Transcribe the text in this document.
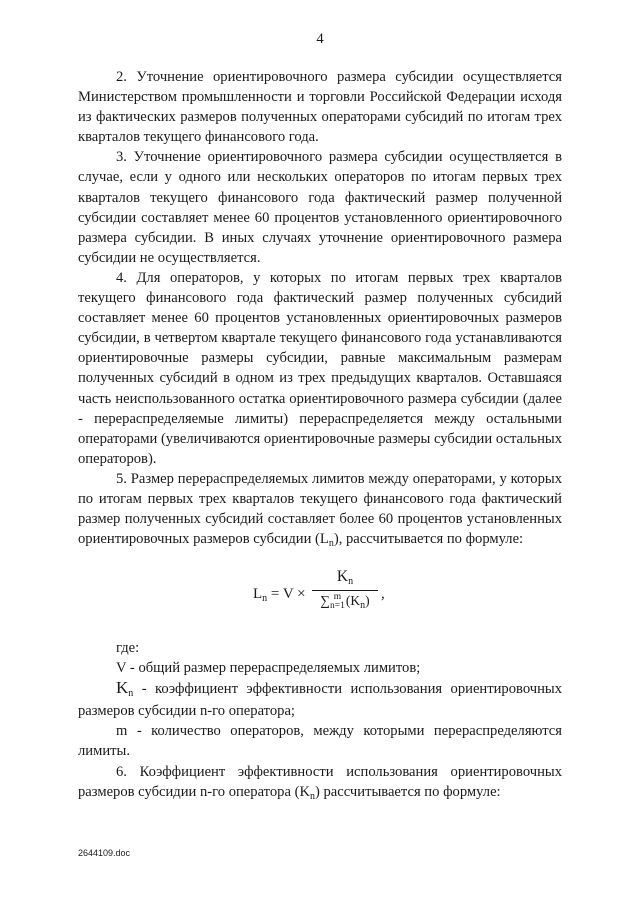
4

2. Уточнение ориентировочного размера субсидии осуществляется Министерством промышленности и торговли Российской Федерации исходя из фактических размеров полученных операторами субсидий по итогам трех кварталов текущего финансового года.

3. Уточнение ориентировочного размера субсидии осуществляется в случае, если у одного или нескольких операторов по итогам первых трех кварталов текущего финансового года фактический размер полученной субсидии составляет менее 60 процентов установленного ориентировочного размера субсидии. В иных случаях уточнение ориентировочного размера субсидии не осуществляется.

4. Для операторов, у которых по итогам первых трех кварталов текущего финансового года фактический размер полученных субсидий составляет менее 60 процентов установленных ориентировочных размеров субсидии, в четвертом квартале текущего финансового года устанавливаются ориентировочные размеры субсидии, равные максимальным размерам полученных субсидий в одном из трех предыдущих кварталов. Оставшаяся часть неиспользованного остатка ориентировочного размера субсидии (далее - перераспределяемые лимиты) перераспределяется между остальными операторами (увеличиваются ориентировочные размеры субсидии остальных операторов).

5. Размер перераспределяемых лимитов между операторами, у которых по итогам первых трех кварталов текущего финансового года фактический размер полученных субсидий составляет более 60 процентов установленных ориентировочных размеров субсидии $(L_n)$, рассчитывается по формуле:

$L_n = V$ ×
Kn
∑ m
n=1 $(K_n)$ ,

где:

V - общий размер перераспределяемых лимитов;

$K_n$ - коэффициент эффективности использования ориентировочных размеров субсидии n-го оператора;

m - количество операторов, между которыми перераспределяются лимиты.

6. Коэффициент эффективности использования ориентировочных размеров субсидии n-го оператора $(K_n)$ рассчитывается по формуле:

2644109.doc
